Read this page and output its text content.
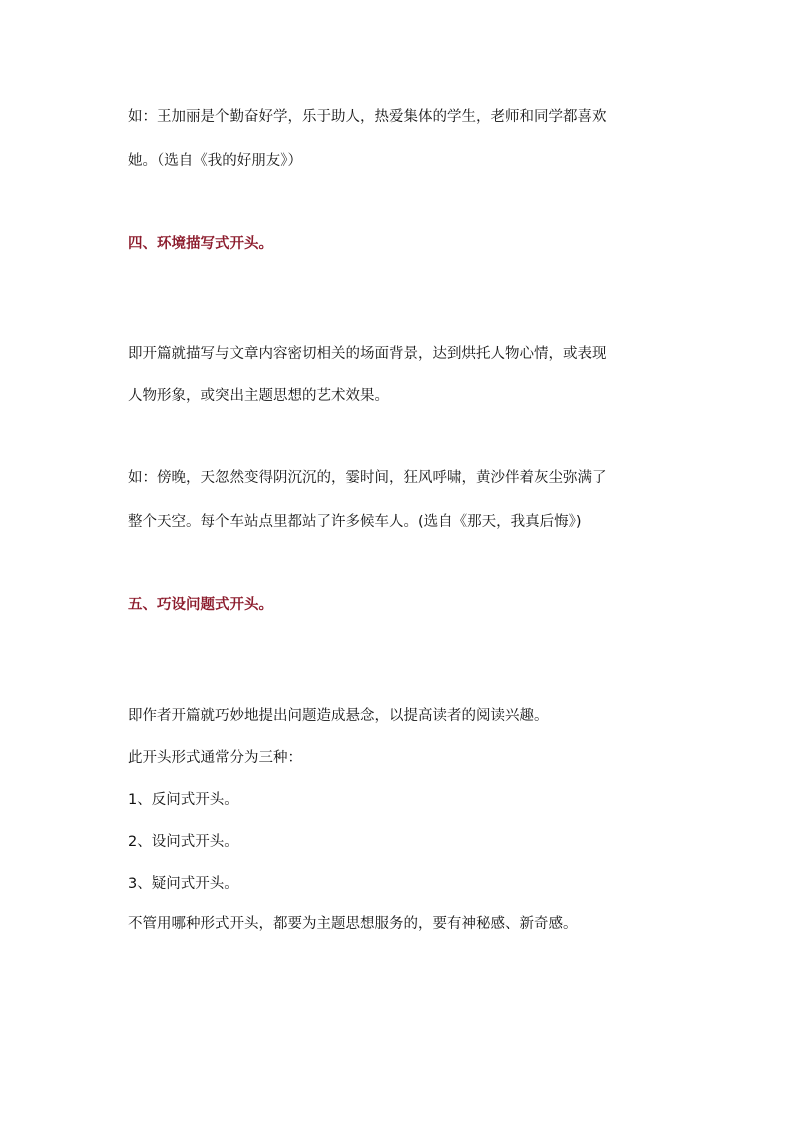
如：王加丽是个勤奋好学，乐于助人，热爱集体的学生，老师和同学都喜欢
她。（选自《我的好朋友》）
四、环境描写式开头。
即开篇就描写与文章内容密切相关的场面背景，达到烘托人物心情，或表现
人物形象，或突出主题思想的艺术效果。
如：傍晚，天忽然变得阴沉沉的，霎时间，狂风呼啸，黄沙伴着灰尘弥满了
整个天空。每个车站点里都站了许多候车人。(选自《那天，我真后悔》)
五、巧设问题式开头。
即作者开篇就巧妙地提出问题造成悬念，以提高读者的阅读兴趣。
此开头形式通常分为三种：
1、反问式开头。
2、设问式开头。
3、疑问式开头。
不管用哪种形式开头，都要为主题思想服务的，要有神秘感、新奇感。
